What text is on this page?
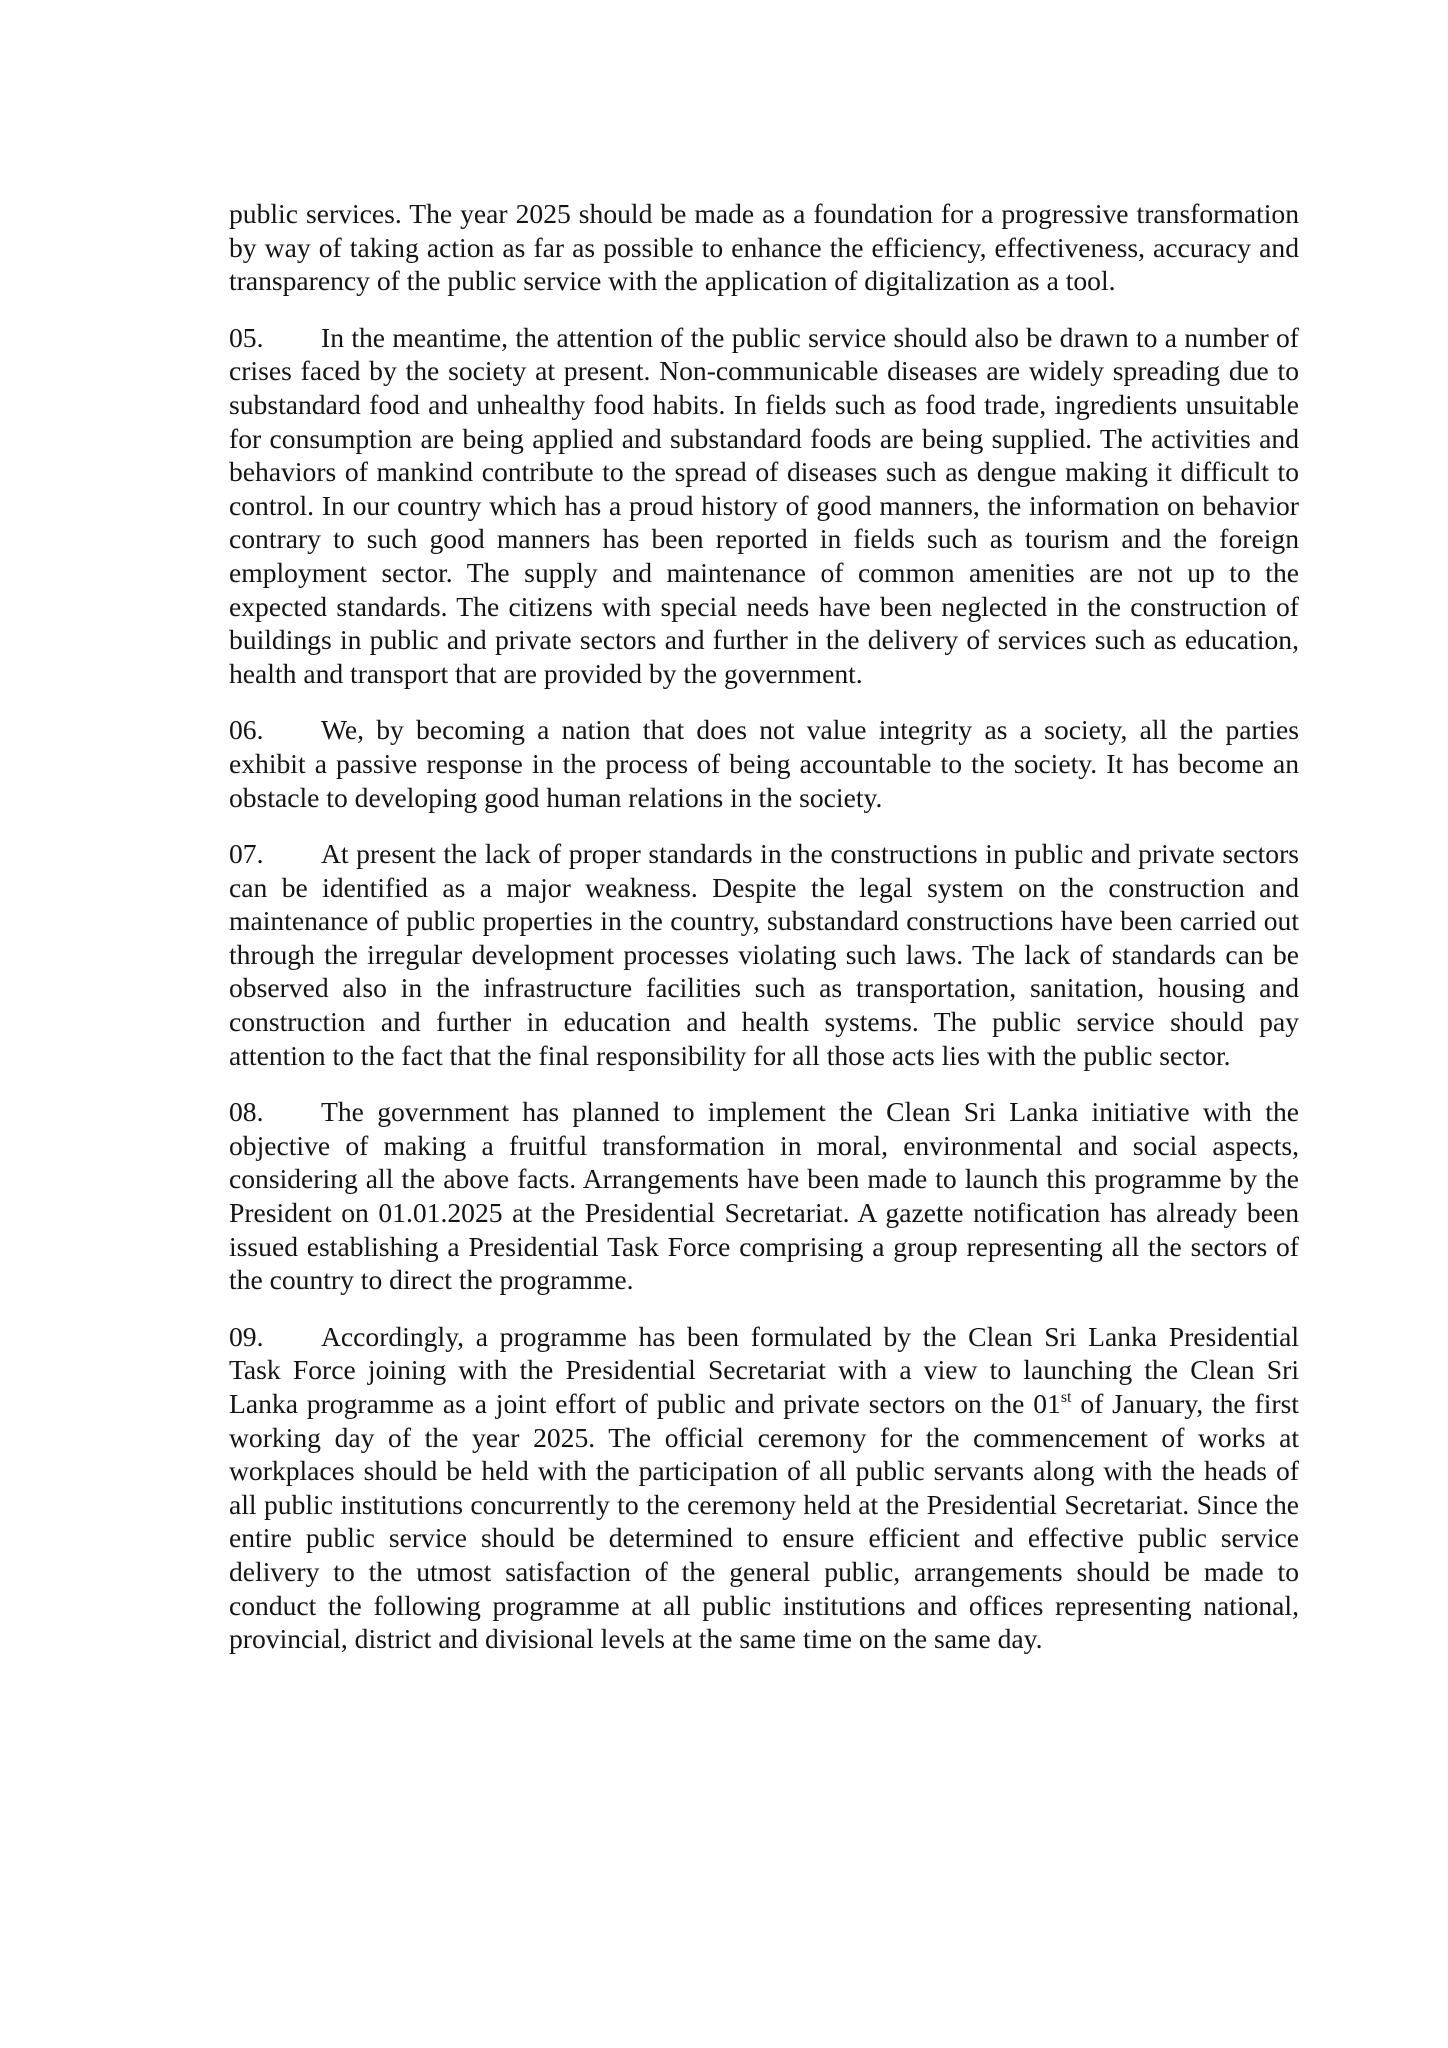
public services. The year 2025 should be made as a foundation for a progressive transformation by way of taking action as far as possible to enhance the efficiency, effectiveness, accuracy and transparency of the public service with the application of digitalization as a tool.

05. In the meantime, the attention of the public service should also be drawn to a number of crises faced by the society at present. Non-communicable diseases are widely spreading due to substandard food and unhealthy food habits. In fields such as food trade, ingredients unsuitable for consumption are being applied and substandard foods are being supplied. The activities and behaviors of mankind contribute to the spread of diseases such as dengue making it difficult to control. In our country which has a proud history of good manners, the information on behavior contrary to such good manners has been reported in fields such as tourism and the foreign employment sector. The supply and maintenance of common amenities are not up to the expected standards. The citizens with special needs have been neglected in the construction of buildings in public and private sectors and further in the delivery of services such as education, health and transport that are provided by the government.

06. We, by becoming a nation that does not value integrity as a society, all the parties exhibit a passive response in the process of being accountable to the society. It has become an obstacle to developing good human relations in the society.

07. At present the lack of proper standards in the constructions in public and private sectors can be identified as a major weakness. Despite the legal system on the construction and maintenance of public properties in the country, substandard constructions have been carried out through the irregular development processes violating such laws. The lack of standards can be observed also in the infrastructure facilities such as transportation, sanitation, housing and construction and further in education and health systems. The public service should pay attention to the fact that the final responsibility for all those acts lies with the public sector.

08. The government has planned to implement the Clean Sri Lanka initiative with the objective of making a fruitful transformation in moral, environmental and social aspects, considering all the above facts. Arrangements have been made to launch this programme by the President on 01.01.2025 at the Presidential Secretariat. A gazette notification has already been issued establishing a Presidential Task Force comprising a group representing all the sectors of the country to direct the programme.

09. Accordingly, a programme has been formulated by the Clean Sri Lanka Presidential Task Force joining with the Presidential Secretariat with a view to launching the Clean Sri Lanka programme as a joint effort of public and private sectors on the 01st of January, the first working day of the year 2025. The official ceremony for the commencement of works at workplaces should be held with the participation of all public servants along with the heads of all public institutions concurrently to the ceremony held at the Presidential Secretariat. Since the entire public service should be determined to ensure efficient and effective public service delivery to the utmost satisfaction of the general public, arrangements should be made to conduct the following programme at all public institutions and offices representing national, provincial, district and divisional levels at the same time on the same day.
